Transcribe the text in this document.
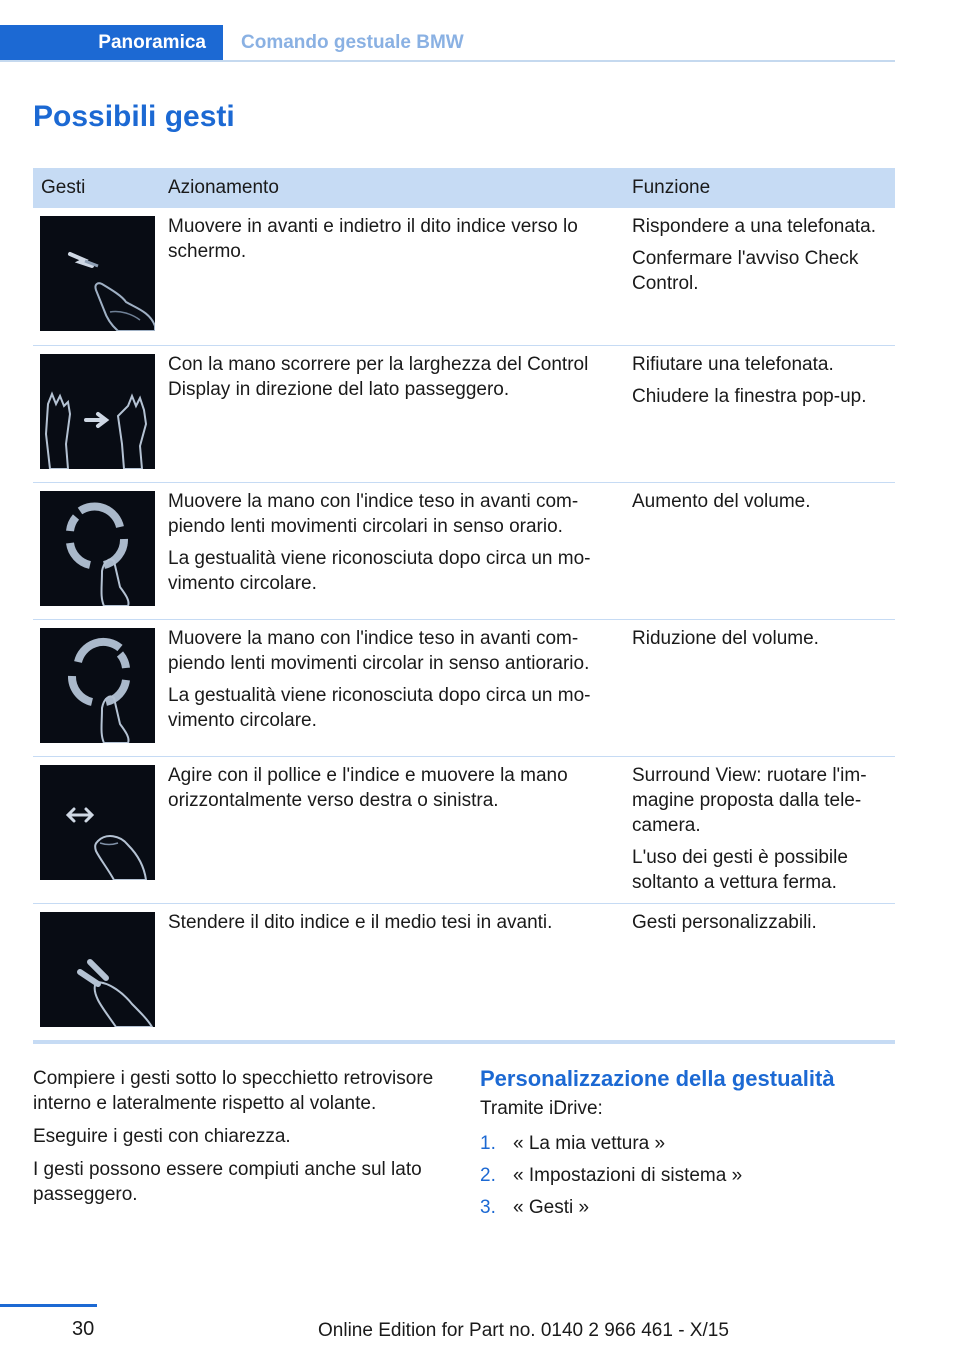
Panoramica	Comando gestuale BMW
Possibili gesti
Gesti	Azionamento	Funzione

Muovere in avanti e indietro il dito indice verso lo schermo.	Rispondere a una telefonata.

Confermare l'avviso Check Control.

Con la mano scorrere per la larghezza del Control Display in direzione del lato passeggero.	Rifiutare una telefonata.

Chiudere la finestra pop-up.

Muovere la mano con l'indice teso in avanti compiendo lenti movimenti circolari in senso orario.

La gestualità viene riconosciuta dopo circa un movimento circolare.	Aumento del volume.

Muovere la mano con l'indice teso in avanti compiendo lenti movimenti circolar in senso antiorario.

La gestualità viene riconosciuta dopo circa un movimento circolare.	Riduzione del volume.

Agire con il pollice e l'indice e muovere la mano orizzontalmente verso destra o sinistra.	Surround View: ruotare l'immagine proposta dalla telecamera.

L'uso dei gesti è possibile soltanto a vettura ferma.

Stendere il dito indice e il medio tesi in avanti.	Gesti personalizzabili.

Compiere i gesti sotto lo specchietto retrovisore interno e lateralmente rispetto al volante.

Eseguire i gesti con chiarezza.

I gesti possono essere compiuti anche sul lato passeggero.

Personalizzazione della gestualità

Tramite iDrive:

1. « La mia vettura »
2. « Impostazioni di sistema »
3. « Gesti »
30	Online Edition for Part no. 0140 2 966 461 - X/15
